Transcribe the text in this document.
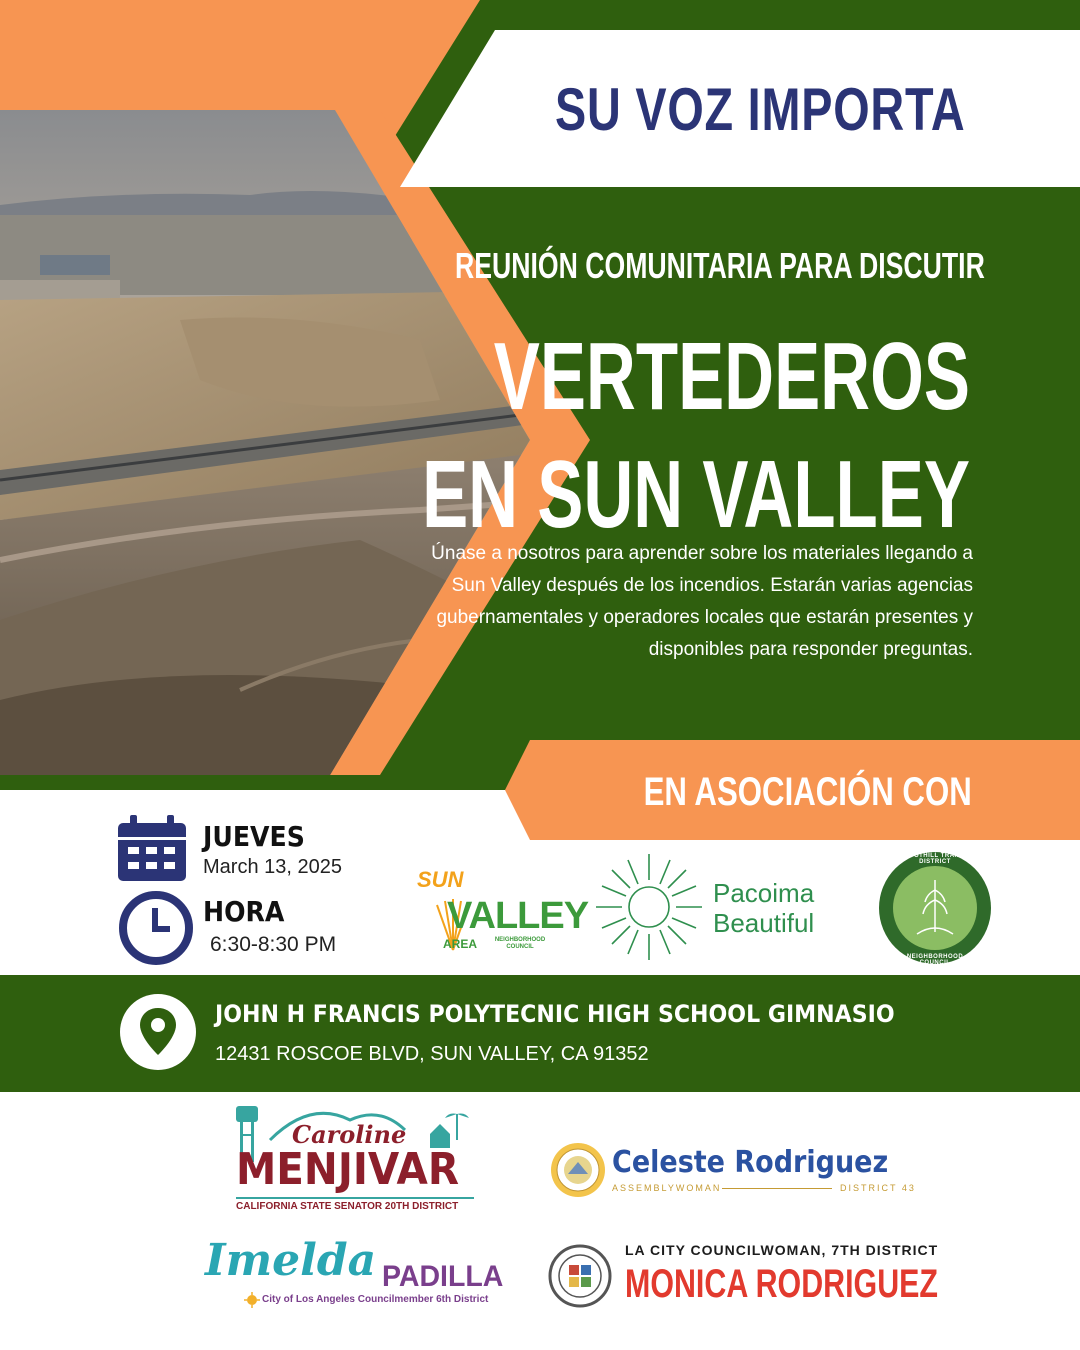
SU VOZ IMPORTA
REUNIÓN COMUNITARIA PARA DISCUTIR
VERTEDEROS
EN SUN VALLEY
Únase a nosotros para aprender sobre los materiales llegando a Sun Valley después de los incendios. Estarán varias agencias gubernamentales y operadores locales que estarán presentes y disponibles para responder preguntas.
EN ASOCIACIÓN CON
JUEVES
March 13, 2025
HORA
6:30-8:30 PM
SUN
VALLEY
AREA	NEIGHBORHOOD COUNCIL
Pacoima
Beautiful
FOOTHILL TRAILS DISTRICT
NEIGHBORHOOD COUNCIL
JOHN H FRANCIS POLYTECNIC HIGH SCHOOL GIMNASIO
12431 ROSCOE BLVD, SUN VALLEY, CA 91352
Caroline
MENJIVAR
CALIFORNIA STATE SENATOR 20TH DISTRICT
Celeste Rodriguez
ASSEMBLYWOMAN	DISTRICT 43
Imelda PADILLA
City of Los Angeles Councilmember 6th District
LA CITY COUNCILWOMAN, 7TH DISTRICT
MONICA RODRIGUEZ
